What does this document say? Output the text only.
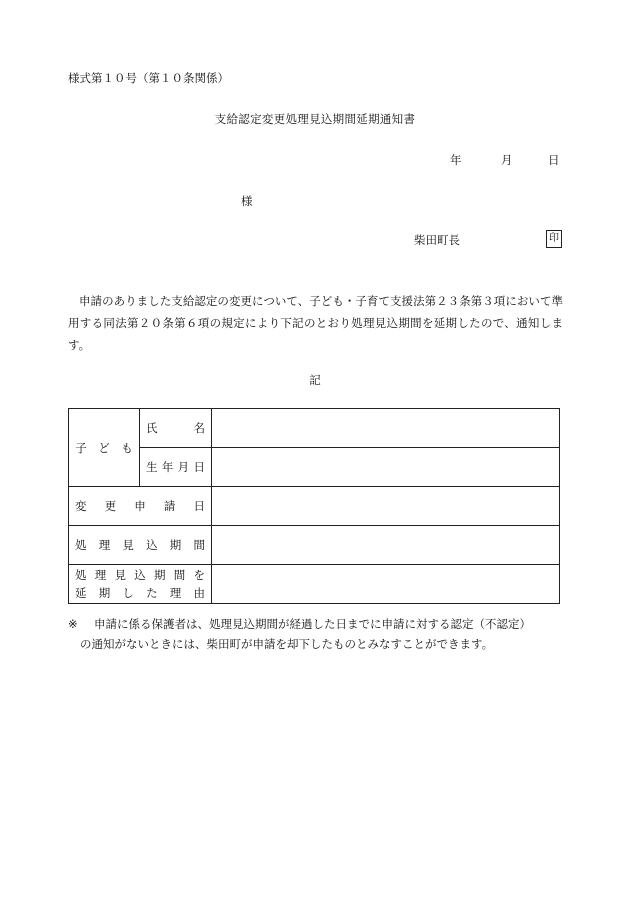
様式第１０号（第１０条関係）
支給認定変更処理見込期間延期通知書
年	月	日
様
柴田町長	印
申請のありました支給認定の変更について、子ども・子育て支援法第２３条第３項において準用する同法第２０条第６項の規定により下記のとおり処理見込期間を延期したので、通知します。
記
子　ど　も	氏　　名	
	生年月日	
変　更　申　請　日		
処　理　見　込　期　間		

処理見込期間を
延　期　し　た　理　由		

※ 申請に係る保護者は、処理見込期間が経過した日までに申請に対する認定（不認定）
の通知がないときには、柴田町が申請を却下したものとみなすことができます。
